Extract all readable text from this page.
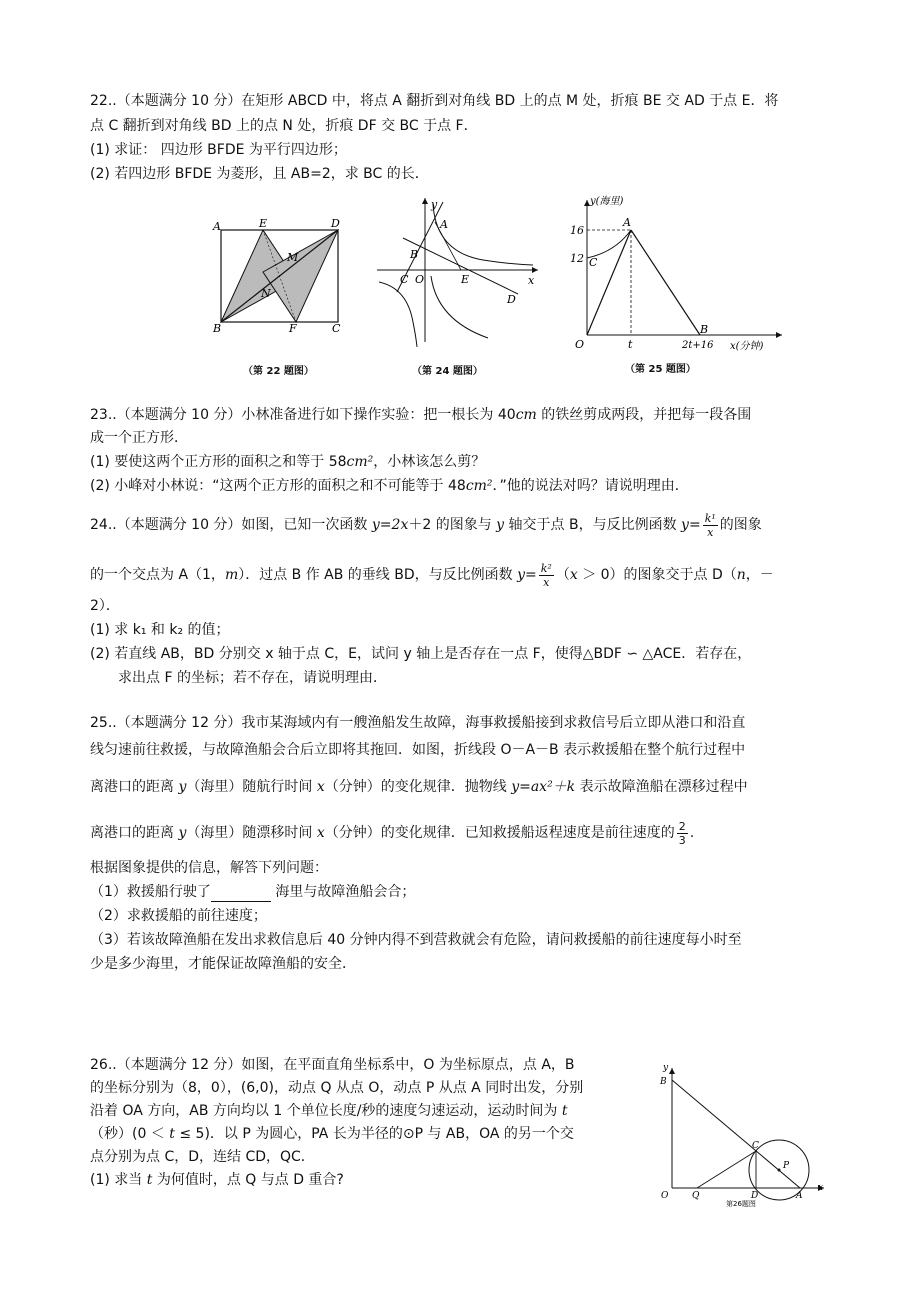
22..（本题满分 10 分）在矩形 ABCD 中，将点 A 翻折到对角线 BD 上的点 M 处，折痕 BE 交 AD 于点 E．将
点 C 翻折到对角线 BD 上的点 N 处，折痕 DF 交 BC 于点 F．
(1) 求证： 四边形 BFDE 为平行四边形；
(2) 若四边形 BFDE 为菱形，且 AB=2，求 BC 的长．
A	E	D
M
N
B	F	C
（第 22 题图）
y
x
A
B
C O	E
D
（第 24 题图）
y(海里)
16
12
A
C
O	t	2t+16
B
x(分钟)
（第 25 题图）
23..（本题满分 10 分）小林准备进行如下操作实验：把一根长为 40cm 的铁丝剪成两段，并把每一段各围
成一个正方形．
(1) 要使这两个正方形的面积之和等于 58cm²，小林该怎么剪？
(2) 小峰对小林说：“这两个正方形的面积之和不可能等于 48cm²．”他的说法对吗？请说明理由．
24..（本题满分 10 分）如图，已知一次函数 y=2x＋2 的图象与 y 轴交于点 B，与反比例函数 $y= \frac{\text{k¹}}{x}$ 的图象
的一个交点为 A（1，m）．过点 B 作 AB 的垂线 BD，与反比例函数 $y= \frac{\text{k²}}{x} (x > 0)$的图象交于点 D（n，－
2）．
(1) 求 k₁ 和 k₂ 的值；
(2) 若直线 AB，BD 分别交 x 轴于点 C，E，试问 y 轴上是否存在一点 F，使得△BDF ∽ △ACE．若存在，
求出点 F 的坐标；若不存在，请说明理由．
25..（本题满分 12 分）我市某海域内有一艘渔船发生故障，海事救援船接到求救信号后立即从港口和沿直
线匀速前往救援，与故障渔船会合后立即将其拖回．如图，折线段 O－A－B 表示救援船在整个航行过程中
离港口的距离 y（海里）随航行时间 x（分钟）的变化规律．抛物线 y=ax²＋k 表示故障渔船在漂移过程中
离港口的距离 y（海里）随漂移时间 x（分钟）的变化规律．已知救援船返程速度是前往速度的 $\frac{2}{3}$ .
根据图象提供的信息，解答下列问题：
（1）救援船行驶了	海里与故障渔船会合；
（2）求救援船的前往速度；
（3）若该故障渔船在发出求救信息后 40 分钟内得不到营救就会有危险，请问救援船的前往速度每小时至
少是多少海里，才能保证故障渔船的安全．
26..（本题满分 12 分）如图，在平面直角坐标系中，O 为坐标原点，点 A，B
的坐标分别为（8，0），(6,0)，动点 Q 从点 O，动点 P 从点 A 同时出发，分别
沿着 OA 方向，AB 方向均以 1 个单位长度/秒的速度匀速运动，运动时间为 t
（秒）(0 ＜ t ≤ 5)．以 P 为圆心，PA 长为半径的⊙P 与 AB，OA 的另一个交
点分别为点 C，D，连结 CD，QC．
(1) 求当 t 为何值时，点 Q 与点 D 重合?
y
B
C
P
O	Q	D	A
x
第26题图
